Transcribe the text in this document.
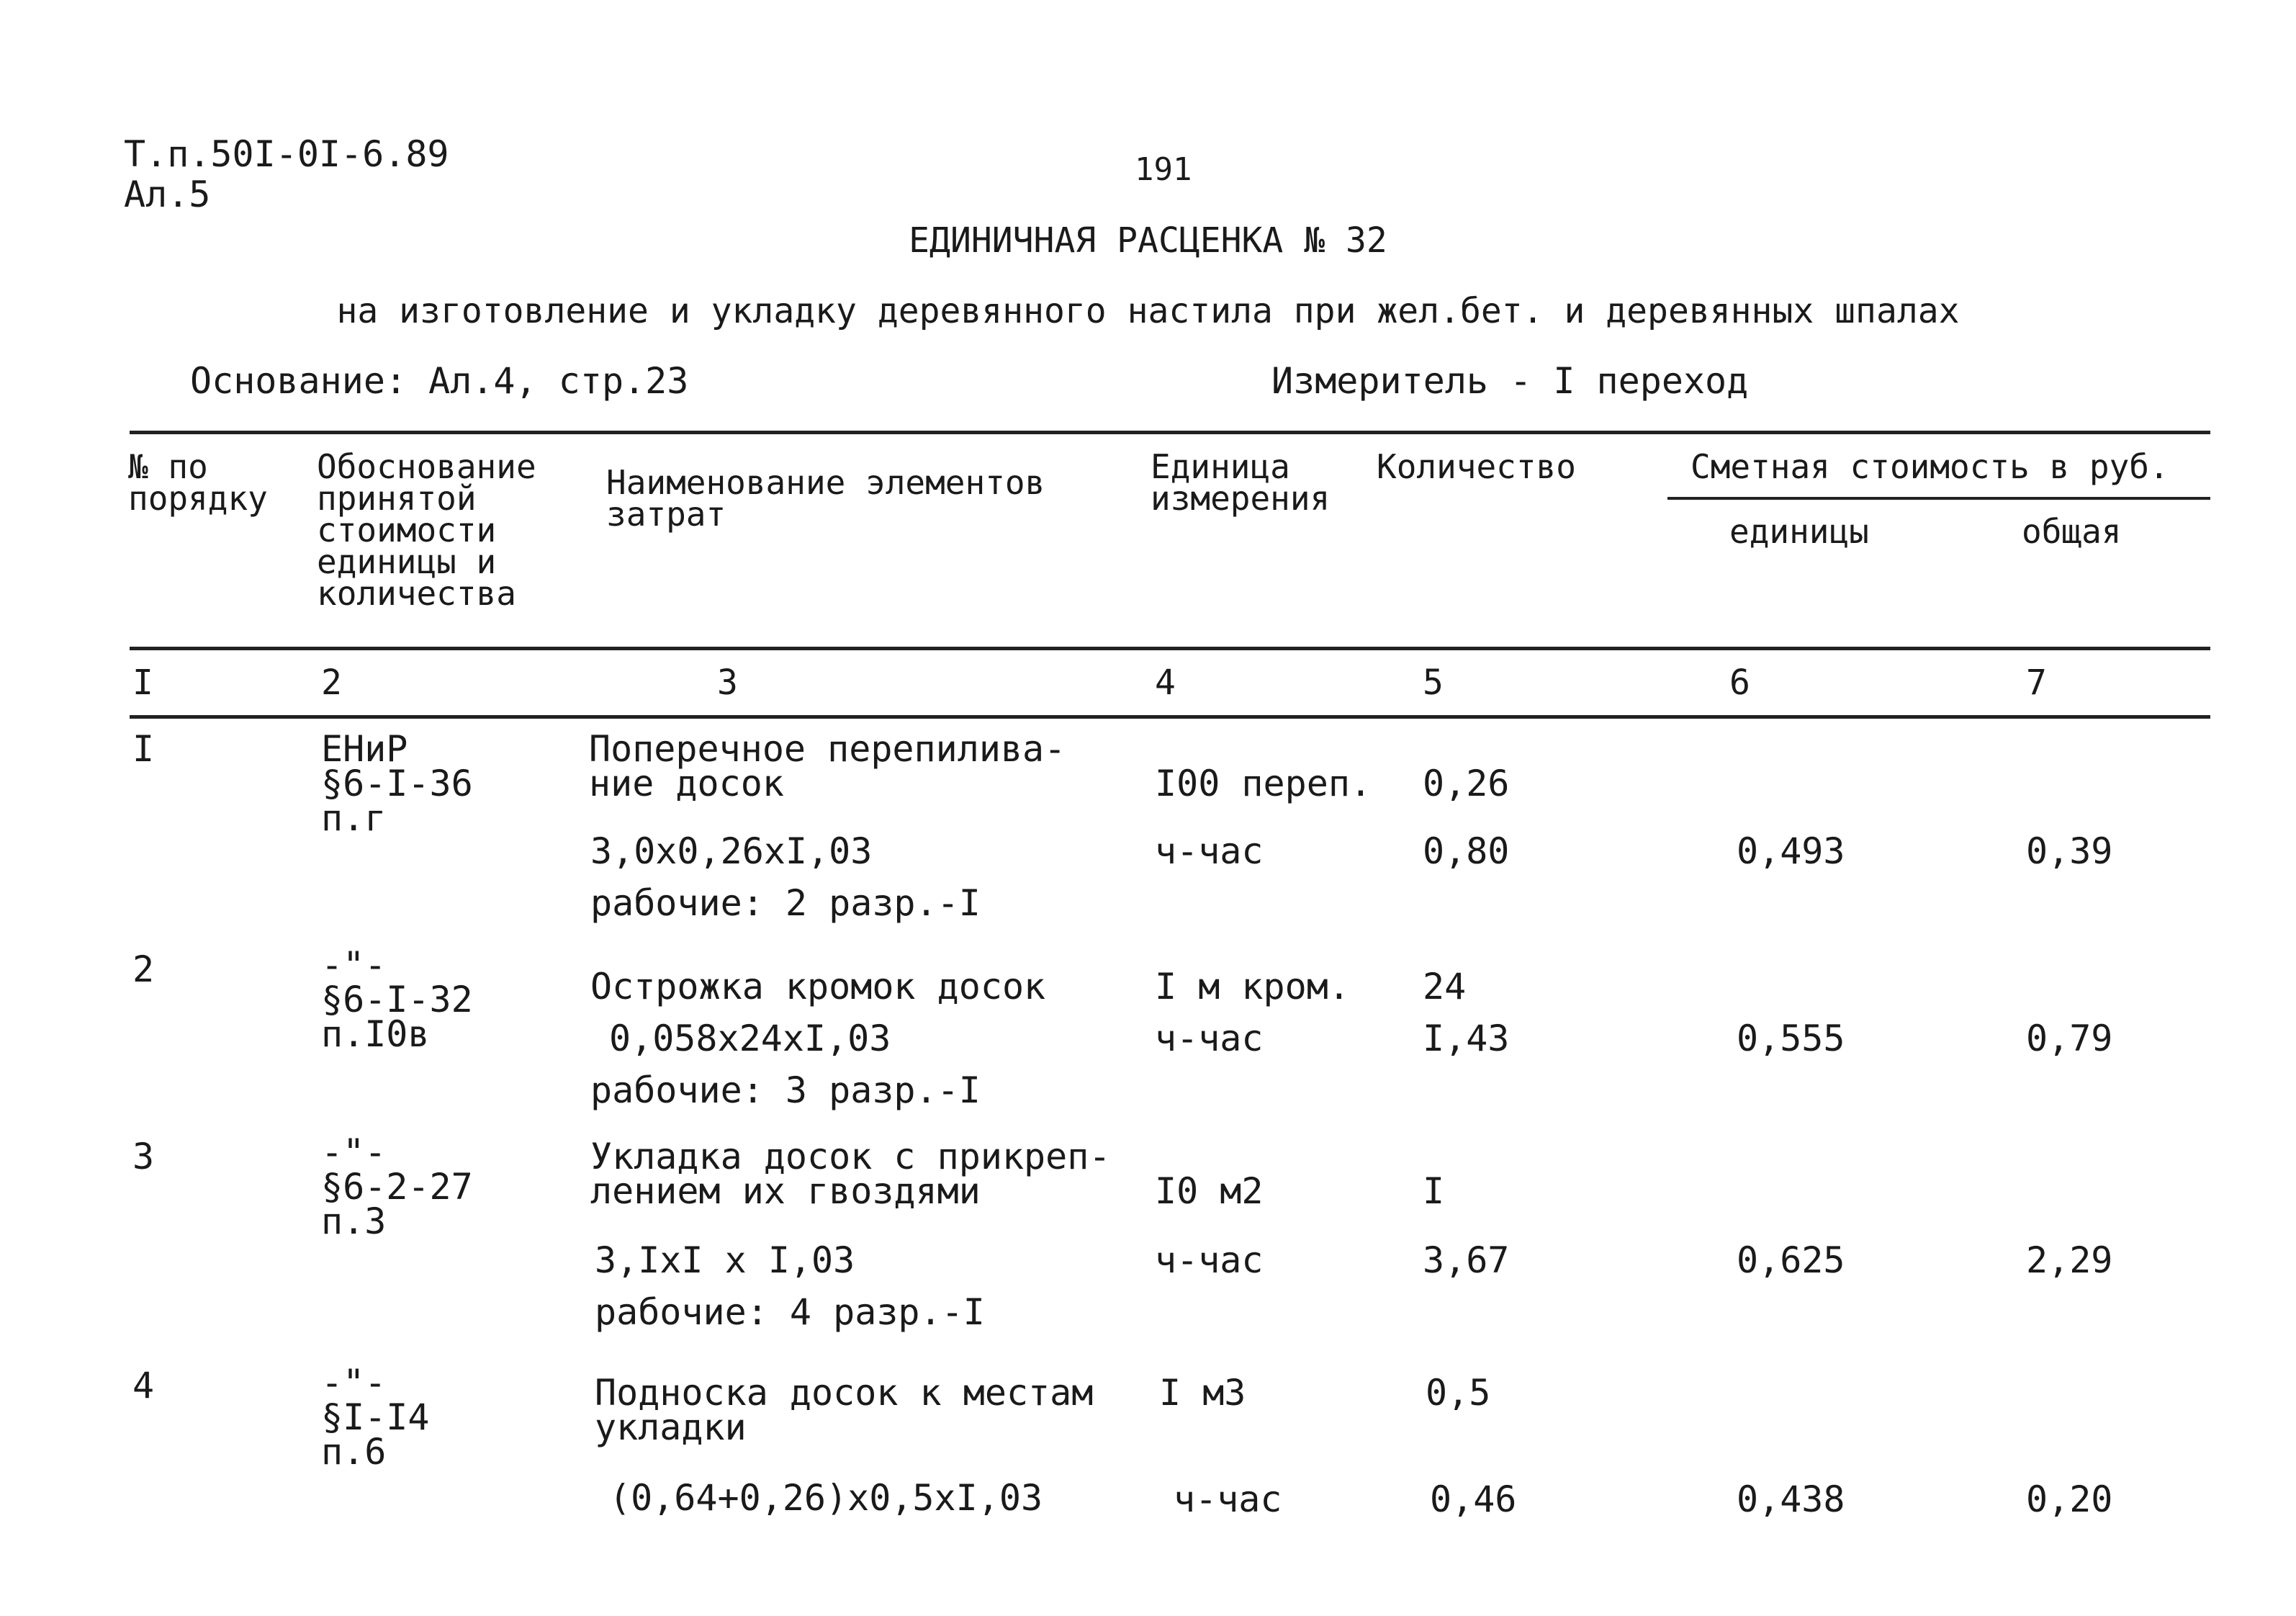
Т.п.50I-0I-6.89
Ал.5
191
ЕДИНИЧНАЯ РАСЦЕНКА № 32
на изготовление и укладку деревянного настила при жел.бет. и деревянных шпалах
Основание: Ал.4, стр.23	Измеритель - I переход
№ по
порядку
Обоснование
принятой
стоимости
единицы и
количества
Наименование элементов
затрат
Единица
измерения
Количество	Сметная стоимость в руб.
единицы	общая
I	2	3	4	5	6	7
I	ЕНиР
§6-I-36
п.г
Поперечное перепилива-
ние досок	I00 переп. 0,26
3,0х0,26хI,03	ч-час	0,80	0,493	0,39
рабочие: 2 разр.-I
2	-"-
§6-I-32
п.I0в
Острожка кромок досок	I м кром. 24
0,058х24хI,03	ч-час	I,43	0,555	0,79
рабочие: 3 разр.-I
3	-"-
§6-2-27
п.3
Укладка досок с прикреп-
лением их гвоздями	I0 м2	I
3,IхI х I,03	ч-час	3,67	0,625	2,29
рабочие: 4 разр.-I
4	-"-
§I-I4
п.6
Подноска досок к местам
укладки
I м3	0,5
(0,64+0,26)х0,5хI,03	ч-час	0,46	0,438	0,20
